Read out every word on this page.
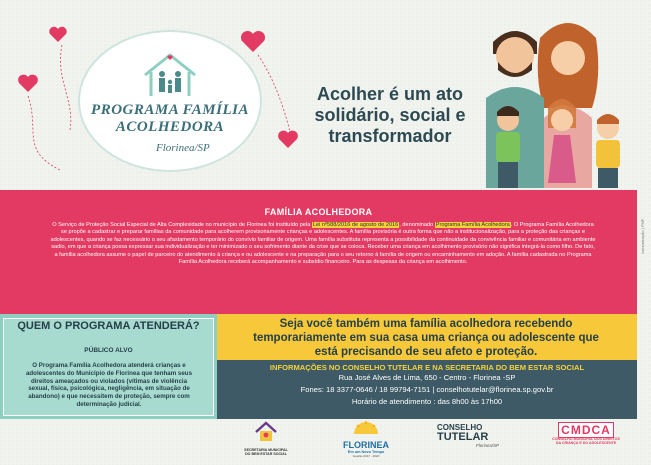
PROGRAMA FAMÍLIA
ACOLHEDORA
Florinea/SP
Acolher é um ato
solidário, social e
transformador
FAMÍLIA ACOLHEDORA
O Serviço de Proteção Social Especial de Alta Complexidade no município de Florinea foi instituído pela Lei nº588/2016 de agosto de 2016, denominado Programa Família Acolhedora. O Programa Família Acolhedora se propõe a cadastrar e preparar famílias da comunidade para acolherem provisoriamente crianças e adolescentes. A família provisória é outra forma que não a institucionalização, para a proteção das crianças e adolescentes, quando se faz necessário o seu afastamento temporário do convívio familiar de origem. Uma família substituta representa a possibilidade da continuidade da convivência familiar e comunitária em ambiente sadio, em que a criança possa expressar sua individualização e ter minimizado o seu sofrimento diante da crise que se coloca. Receber uma criança em acolhimento provisório não significa integrá-la como filho. De fato, a família acolhedora assume o papel de parceiro do atendimento à criança e ou adolescente e na preparação para o seu retorno à família de origem ou encaminhamento em adoção. A família cadastrada no Programa Família Acolhedora receberá acompanhamento e subsídio financeiro. Para as despesas da criança em acolhimento.
comunicação | PMF
QUEM O PROGRAMA ATENDERÁ?
PÚBLICO ALVO
O Programa Família Acolhedora atenderá crianças e adolescentes do Município de Florinea que tenham seus direitos ameaçados ou violados (vítimas de violência sexual, física, psicológica, negligência, em situação de abandono) e que necessitem de proteção, sempre com determinação judicial.
Seja você também uma família acolhedora recebendo temporariamente em sua casa uma criança ou adolescente que está precisando de seu afeto e proteção.
INFORMAÇÕES NO CONSELHO TUTELAR E NA SECRETARIA DO BEM ESTAR SOCIAL
Rua José Alves de Lima, 650 - Centro - Florinea -SP
Fones: 18 3377-0646 / 18 99794-7151 | conselhotutelar@florinea.sp.gov.br
Horário de atendimento : das 8h00 às 17h00
SECRETARIA MUNICIPAL
DO BEM ESTAR SOCIAL
FLORINEA
Em um Novo Tempo
Gestão 2017 - 2020
CONSELHO
TUTELAR
Florinea/SP
CMDCA
CONSELHO MUNICIPAL DOS DIREITOS
DA CRIANÇA E DO ADOLESCENTE
